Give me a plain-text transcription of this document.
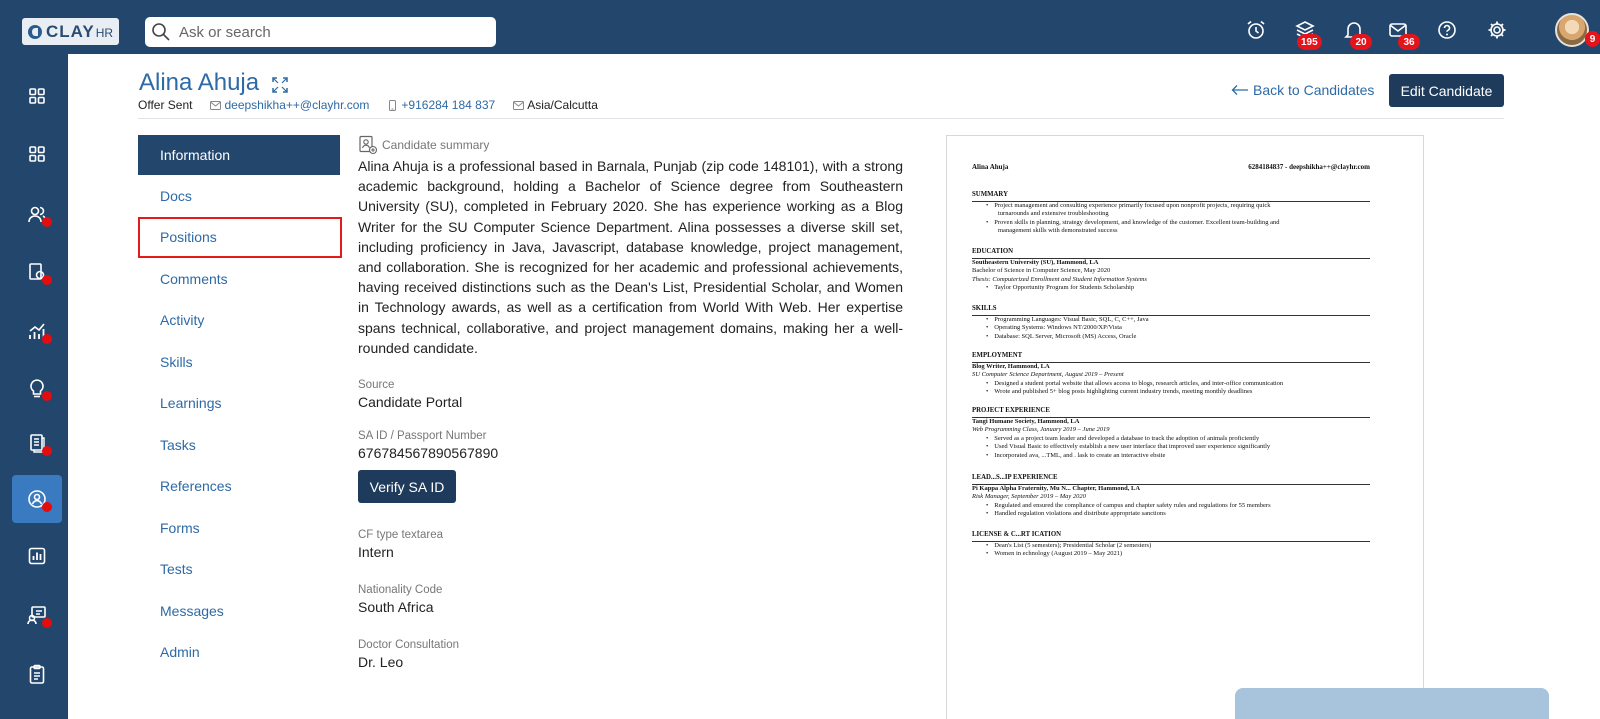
CLAY HR
Ask or search
195	20	36	9
Alina Ahuja
Offer Sent	deepshikha++@clayhr.com	+916284 184 837	Asia/Calcutta
Back to Candidates	Edit Candidate
Information
Docs
Positions
Comments
Activity
Skills
Learnings
Tasks
References
Forms
Tests
Messages
Admin
Candidate summary

Alina Ahuja is a professional based in Barnala, Punjab (zip code 148101), with a strong academic background, holding a Bachelor of Science degree from Southeastern University (SU), completed in February 2020. She has experience working as a Blog Writer for the SU Computer Science Department. Alina possesses a diverse skill set, including proficiency in Java, Javascript, database knowledge, project management, and collaboration. She is recognized for her academic and professional achievements, having received distinctions such as the Dean's List, Presidential Scholar, and Women in Technology awards, as well as a certification from World With Web. Her expertise spans technical, collaborative, and project management domains, making her a well-rounded candidate.

Source
Candidate Portal
SA ID / Passport Number
676784567890567890
Verify SA ID
CF type textarea
Intern
Nationality Code
South Africa
Doctor Consultation
Dr. Leo
Alina Ahuja	6284184837 - deepshikha++@clayhr.com
SUMMARY
• Project management and consulting experience primarily focused upon nonprofit projects, requiring quick
turnarounds and extensive troubleshooting
• Proven skills in planning, strategy development, and knowledge of the customer. Excellent team-building and
management skills with demonstrated success
EDUCATION
Southeastern University (SU), Hammond, LA
Bachelor of Science in Computer Science, May 2020
Thesis: Computerized Enrollment and Student Information Systems
• Taylor Opportunity Program for Students Scholarship
SKILLS
• Programming Languages: Visual Basic, SQL, C, C++, Java
• Operating Systems: Windows NT/2000/XP/Vista
• Database: SQL Server, Microsoft (MS) Access, Oracle
EMPLOYMENT
Blog Writer, Hammond, LA
SU Computer Science Department, August 2019 – Present
• Designed a student portal website that allows access to blogs, research articles, and inter-office communication
• Wrote and published 5+ blog posts highlighting current industry trends, meeting monthly deadlines
PROJECT EXPERIENCE
Tangi Humane Society, Hammond, LA
Web Programming Class, January 2019 – June 2019
• Served as a project team leader and developed a database to track the adoption of animals proficiently
• Used Visual Basic to effectively establish a new user interface that improved user experience significantly
• Incorporated ava, ...TML, and . lask to create an interactive ebsite
LEAD...S...IP EXPERIENCE
Pi Kappa Alpha Fraternity, Mu N... Chapter, Hammond, LA
Risk Manager, September 2019 – May 2020
• Regulated and ensured the compliance of campus and chapter safety rules and regulations for 55 members
• Handled regulation violations and distribute appropriate sanctions
LICENSE & C...RT ICATION
• Dean's List (5 semesters); Presidential Scholar (2 semesters)
• Women in echnology (August 2019 – May 2021)
